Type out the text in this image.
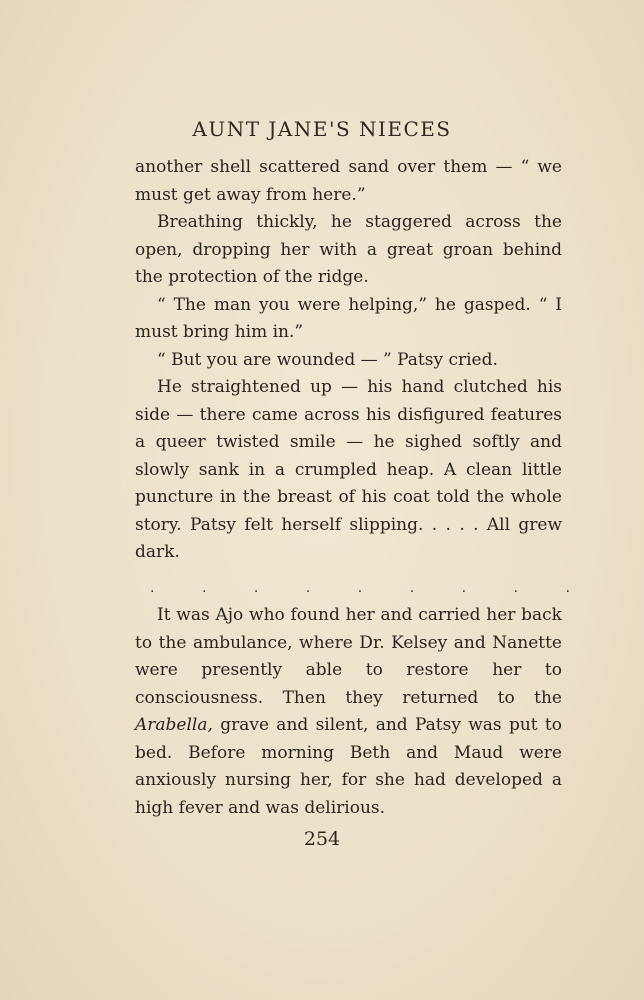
AUNT JANE'S NIECES

another shell scattered sand over them — “ we must get away from here.”

Breathing thickly, he staggered across the open, dropping her with a great groan behind the protection of the ridge.

“ The man you were helping,” he gasped. “ I must bring him in.”

“ But you are wounded — ” Patsy cried.

He straightened up — his hand clutched his side — there came across his disfigured features a queer twisted smile — he sighed softly and slowly sank in a crumpled heap. A clean little puncture in the breast of his coat told the whole story. Patsy felt herself slipping. . . . . All grew dark.

.	.	.	.	.	.	.	.	.

It was Ajo who found her and carried her back to the ambulance, where Dr. Kelsey and Nanette were presently able to restore her to consciousness. Then they returned to the Arabella, grave and silent, and Patsy was put to bed. Before morning Beth and Maud were anxiously nursing her, for she had developed a high fever and was delirious.

254
